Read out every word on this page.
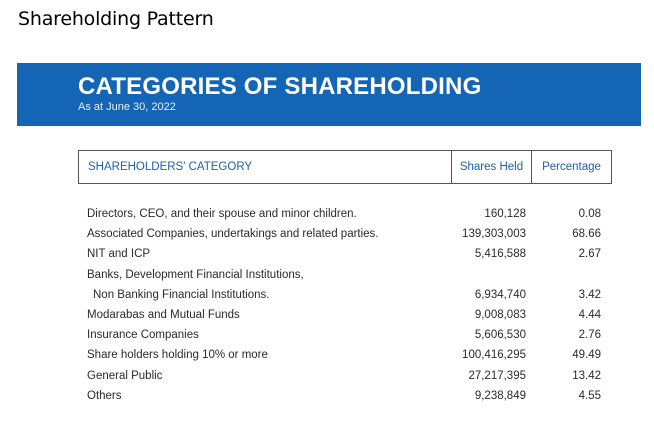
Shareholding Pattern
CATEGORIES OF SHAREHOLDING
As at June 30, 2022
SHAREHOLDERS' CATEGORY	Shares Held	Percentage
Directors, CEO, and their spouse and minor children.	160,128	0.08
Associated Companies, undertakings and related parties.	139,303,003	68.66
NIT and ICP	5,416,588	2.67
Banks, Development Financial Institutions,
Non Banking Financial Institutions.	6,934,740	3.42
Modarabas and Mutual Funds	9,008,083	4.44
Insurance Companies	5,606,530	2.76
Share holders holding 10% or more	100,416,295	49.49
General Public	27,217,395	13.42
Others	9,238,849	4.55
